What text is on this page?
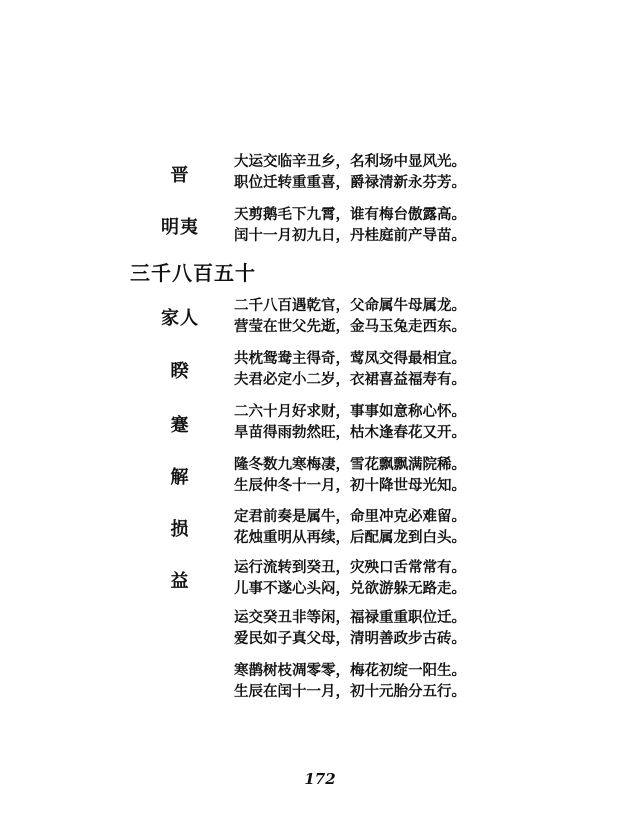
晋
明夷
大运交临辛丑乡，名利场中显风光。
职位迁转重重喜，爵禄清新永芬芳。
天剪鹅毛下九霄，谁有梅台傲露高。
闰十一月初九日，丹桂庭前产导苗。
三千八百五十
家人
睽
蹇
解
损
益
二千八百遇乾官，父命属牛母属龙。
营莹在世父先逝，金马玉兔走西东。
共枕鸳鸯主得奇，莺凤交得最相宜。
夫君必定小二岁，衣裙喜益福寿有。
二六十月好求财，事事如意称心怀。
旱苗得雨勃然旺，枯木逢春花又开。
隆冬数九寒梅凄，雪花飘飘满院稀。
生辰仲冬十一月，初十降世母光知。
定君前奏是属牛，命里冲克必难留。
花烛重明从再续，后配属龙到白头。
运行流转到癸丑，灾殃口舌常常有。
儿事不遂心头闷，兑欲游躲无路走。
运交癸丑非等闲，福禄重重职位迁。
爱民如子真父母，清明善政步古砖。
寒鹊树枝凋零零，梅花初绽一阳生。
生辰在闰十一月，初十元胎分五行。
172
